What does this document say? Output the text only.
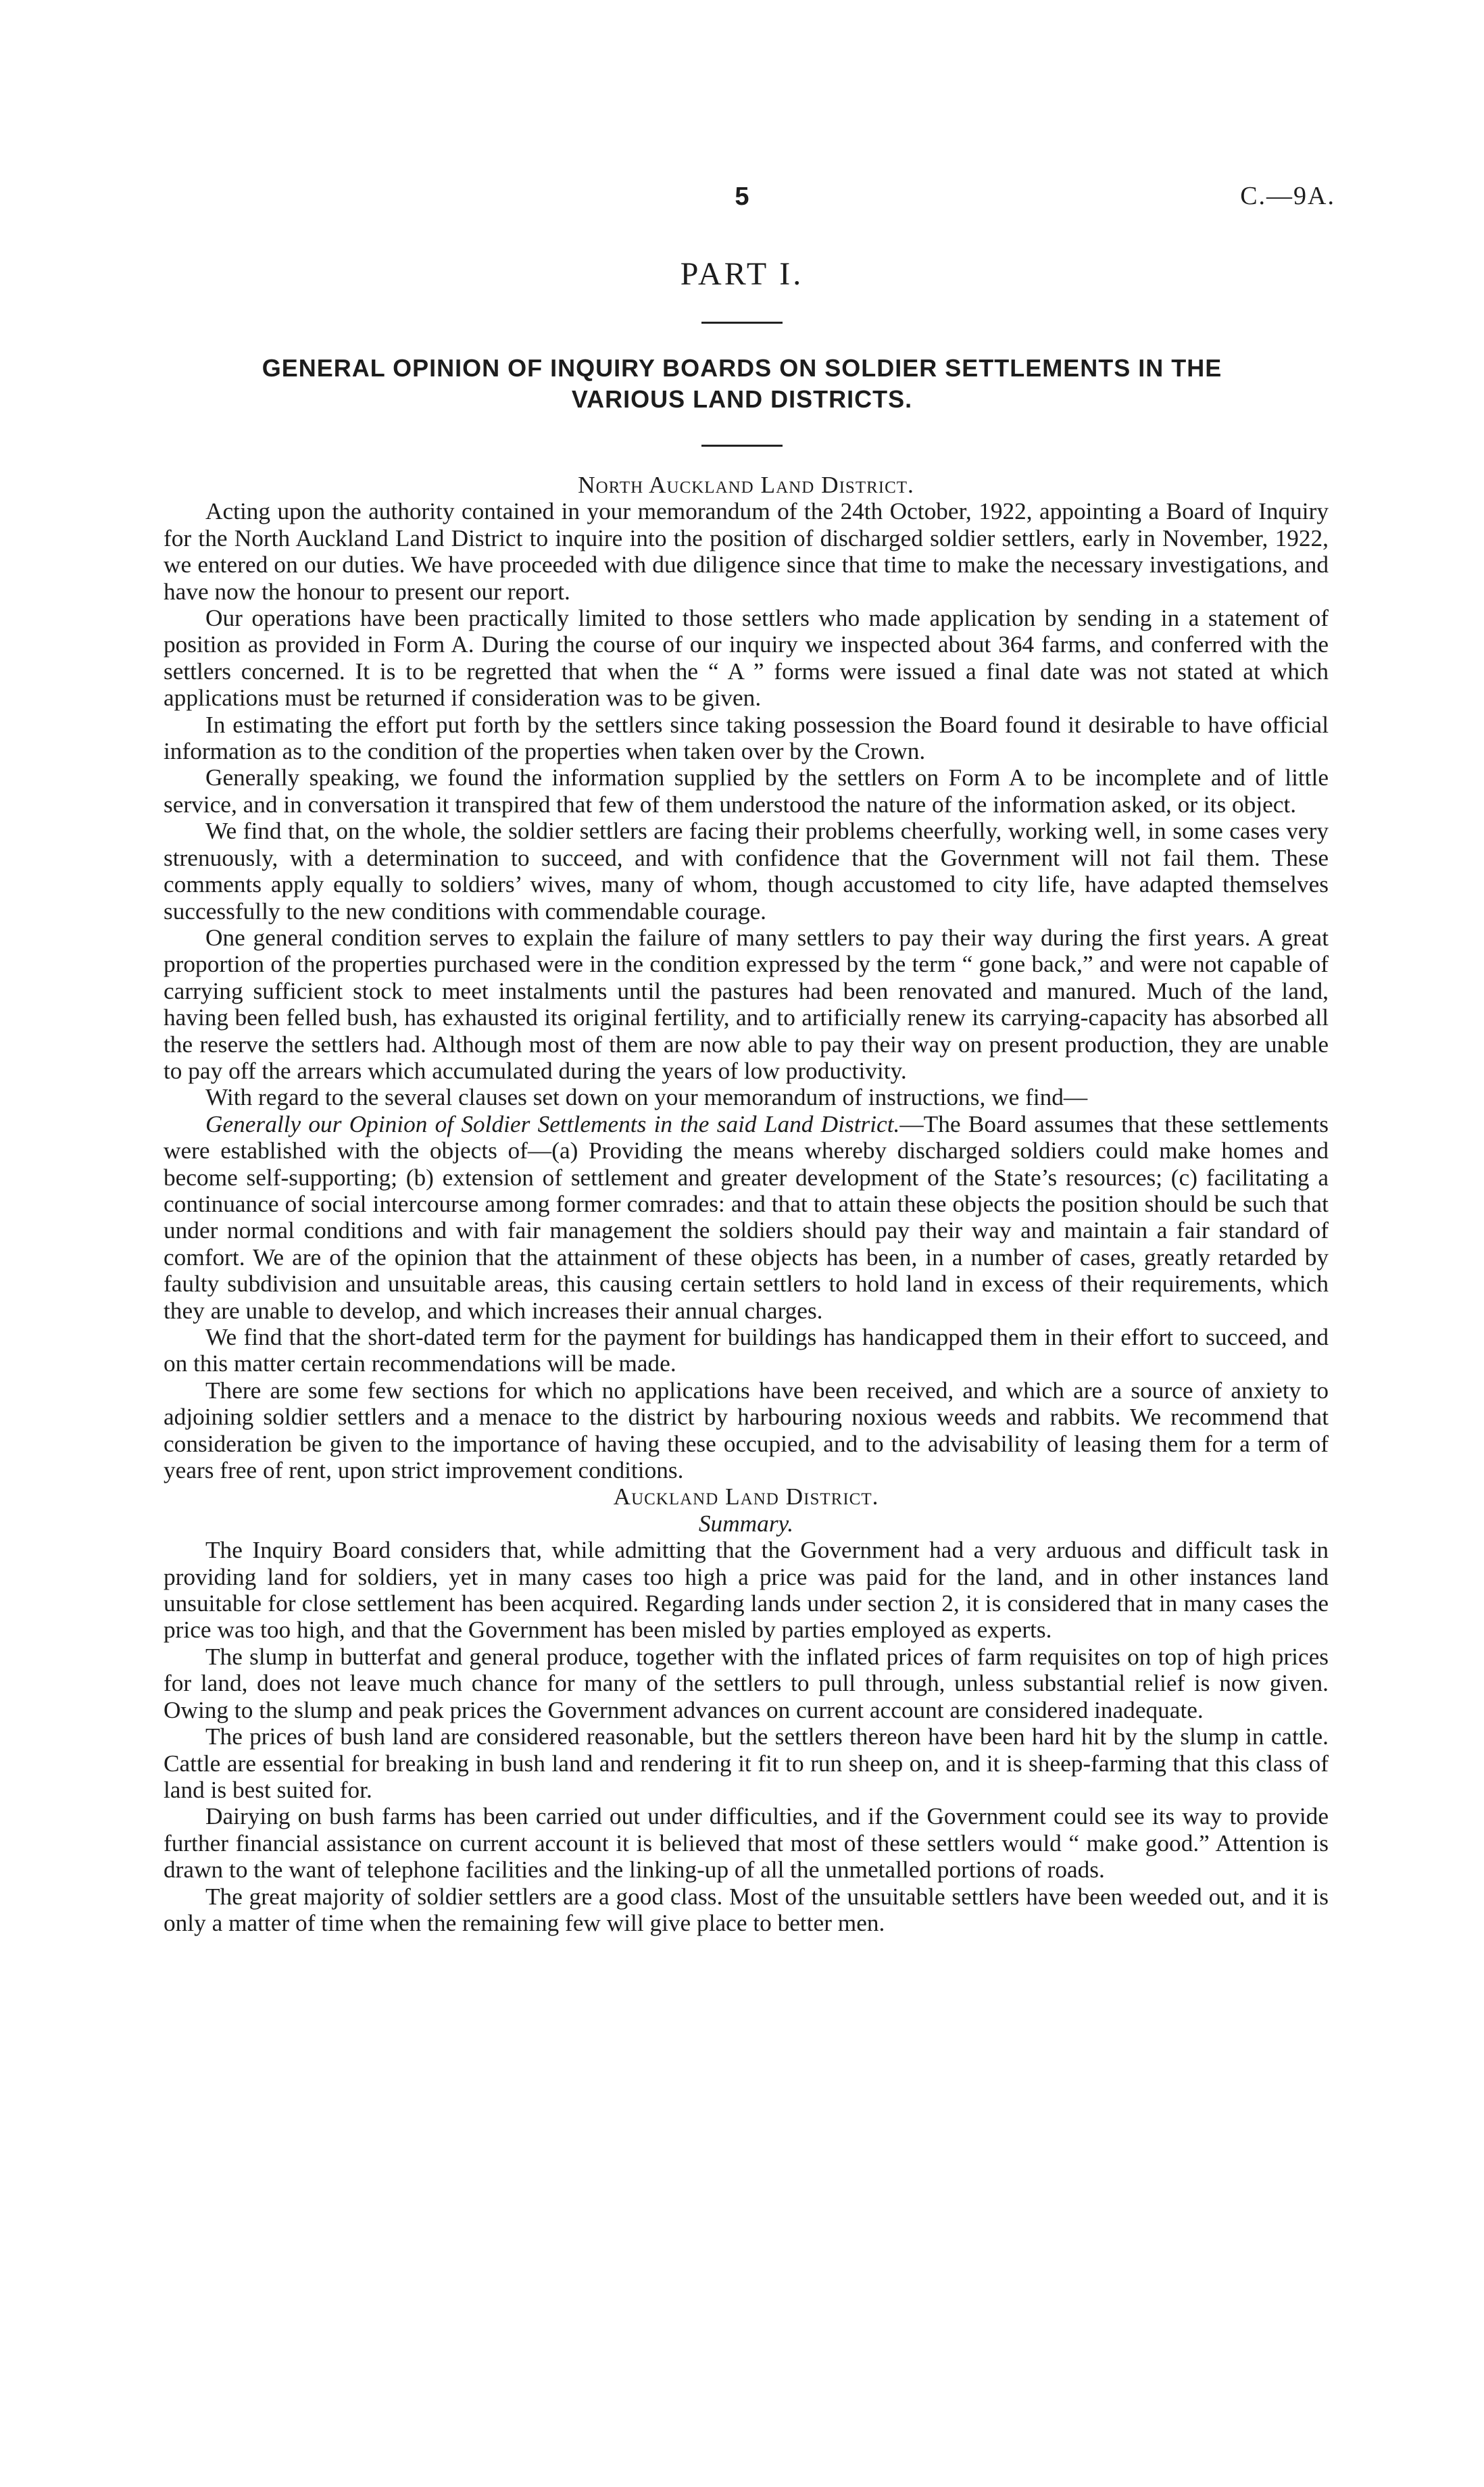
5	C.—9A.
PART I.
GENERAL OPINION OF INQUIRY BOARDS ON SOLDIER SETTLEMENTS IN THE
VARIOUS LAND DISTRICTS.

North Auckland Land District.

Acting upon the authority contained in your memorandum of the 24th October, 1922, appointing a Board of Inquiry for the North Auckland Land District to inquire into the position of discharged soldier settlers, early in November, 1922, we entered on our duties. We have proceeded with due diligence since that time to make the necessary investigations, and have now the honour to present our report.

Our operations have been practically limited to those settlers who made application by sending in a statement of position as provided in Form A. During the course of our inquiry we inspected about 364 farms, and conferred with the settlers concerned. It is to be regretted that when the “ A ” forms were issued a final date was not stated at which applications must be returned if consideration was to be given.

In estimating the effort put forth by the settlers since taking possession the Board found it desirable to have official information as to the condition of the properties when taken over by the Crown.

Generally speaking, we found the information supplied by the settlers on Form A to be incomplete and of little service, and in conversation it transpired that few of them understood the nature of the information asked, or its object.

We find that, on the whole, the soldier settlers are facing their problems cheerfully, working well, in some cases very strenuously, with a determination to succeed, and with confidence that the Government will not fail them. These comments apply equally to soldiers’ wives, many of whom, though accustomed to city life, have adapted themselves successfully to the new conditions with commendable courage.

One general condition serves to explain the failure of many settlers to pay their way during the first years. A great proportion of the properties purchased were in the condition expressed by the term “ gone back,” and were not capable of carrying sufficient stock to meet instalments until the pastures had been renovated and manured. Much of the land, having been felled bush, has exhausted its original fertility, and to artificially renew its carrying-capacity has absorbed all the reserve the settlers had. Although most of them are now able to pay their way on present production, they are unable to pay off the arrears which accumulated during the years of low productivity.

With regard to the several clauses set down on your memorandum of instructions, we find—

Generally our Opinion of Soldier Settlements in the said Land District.—The Board assumes that these settlements were established with the objects of—(a) Providing the means whereby discharged soldiers could make homes and become self-supporting; (b) extension of settlement and greater development of the State’s resources; (c) facilitating a continuance of social intercourse among former comrades: and that to attain these objects the position should be such that under normal conditions and with fair management the soldiers should pay their way and maintain a fair standard of comfort. We are of the opinion that the attainment of these objects has been, in a number of cases, greatly retarded by faulty subdivision and unsuitable areas, this causing certain settlers to hold land in excess of their requirements, which they are unable to develop, and which increases their annual charges.

We find that the short-dated term for the payment for buildings has handicapped them in their effort to succeed, and on this matter certain recommendations will be made.

There are some few sections for which no applications have been received, and which are a source of anxiety to adjoining soldier settlers and a menace to the district by harbouring noxious weeds and rabbits. We recommend that consideration be given to the importance of having these occupied, and to the advisability of leasing them for a term of years free of rent, upon strict improvement conditions.

Auckland Land District.

Summary.

The Inquiry Board considers that, while admitting that the Government had a very arduous and difficult task in providing land for soldiers, yet in many cases too high a price was paid for the land, and in other instances land unsuitable for close settlement has been acquired. Regarding lands under section 2, it is considered that in many cases the price was too high, and that the Government has been misled by parties employed as experts.

The slump in butterfat and general produce, together with the inflated prices of farm requisites on top of high prices for land, does not leave much chance for many of the settlers to pull through, unless substantial relief is now given. Owing to the slump and peak prices the Government advances on current account are considered inadequate.

The prices of bush land are considered reasonable, but the settlers thereon have been hard hit by the slump in cattle. Cattle are essential for breaking in bush land and rendering it fit to run sheep on, and it is sheep-farming that this class of land is best suited for.

Dairying on bush farms has been carried out under difficulties, and if the Government could see its way to provide further financial assistance on current account it is believed that most of these settlers would “ make good.” Attention is drawn to the want of telephone facilities and the linking-up of all the unmetalled portions of roads.

The great majority of soldier settlers are a good class. Most of the unsuitable settlers have been weeded out, and it is only a matter of time when the remaining few will give place to better men.
